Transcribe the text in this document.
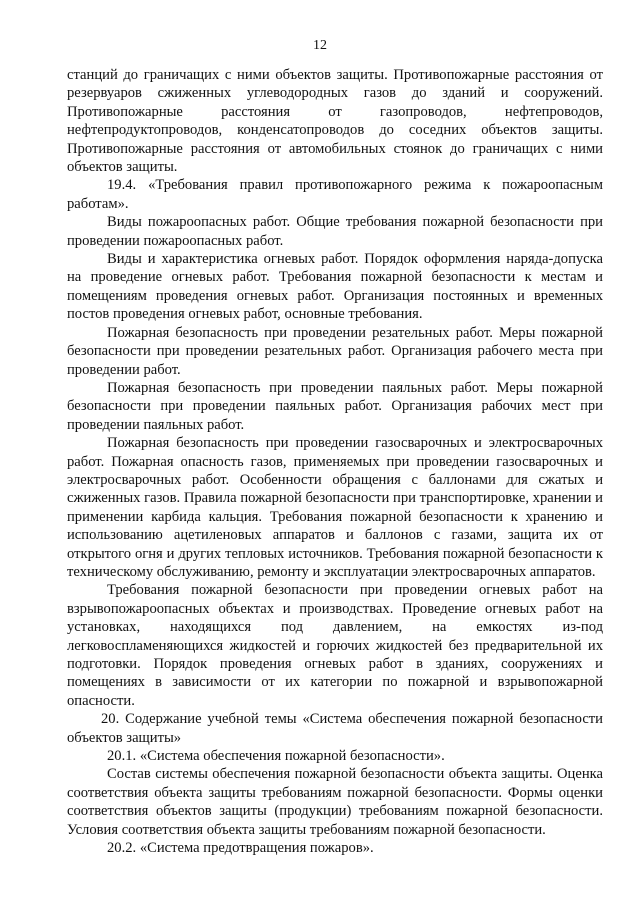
12

станций до граничащих с ними объектов защиты. Противопожарные расстояния от резервуаров сжиженных углеводородных газов до зданий и сооружений. Противопожарные расстояния от газопроводов, нефтепроводов, нефтепродуктопроводов, конденсатопроводов до соседних объектов защиты. Противопожарные расстояния от автомобильных стоянок до граничащих с ними объектов защиты.

19.4. «Требования правил противопожарного режима к пожароопасным работам».

Виды пожароопасных работ. Общие требования пожарной безопасности при проведении пожароопасных работ.

Виды и характеристика огневых работ. Порядок оформления наряда-допуска на проведение огневых работ. Требования пожарной безопасности к местам и помещениям проведения огневых работ. Организация постоянных и временных постов проведения огневых работ, основные требования.

Пожарная безопасность при проведении резательных работ. Меры пожарной безопасности при проведении резательных работ. Организация рабочего места при проведении работ.

Пожарная безопасность при проведении паяльных работ. Меры пожарной безопасности при проведении паяльных работ. Организация рабочих мест при проведении паяльных работ.

Пожарная безопасность при проведении газосварочных и электросварочных работ. Пожарная опасность газов, применяемых при проведении газосварочных и электросварочных работ. Особенности обращения с баллонами для сжатых и сжиженных газов. Правила пожарной безопасности при транспортировке, хранении и применении карбида кальция. Требования пожарной безопасности к хранению и использованию ацетиленовых аппаратов и баллонов с газами, защита их от открытого огня и других тепловых источников. Требования пожарной безопасности к техническому обслуживанию, ремонту и эксплуатации электросварочных аппаратов.

Требования пожарной безопасности при проведении огневых работ на взрывопожароопасных объектах и производствах. Проведение огневых работ на установках, находящихся под давлением, на емкостях из-под легковоспламеняющихся жидкостей и горючих жидкостей без предварительной их подготовки. Порядок проведения огневых работ в зданиях, сооружениях и помещениях в зависимости от их категории по пожарной и взрывопожарной опасности.

20. Содержание учебной темы «Система обеспечения пожарной безопасности объектов защиты»

20.1. «Система обеспечения пожарной безопасности».

Состав системы обеспечения пожарной безопасности объекта защиты. Оценка соответствия объекта защиты требованиям пожарной безопасности. Формы оценки соответствия объектов защиты (продукции) требованиям пожарной безопасности. Условия соответствия объекта защиты требованиям пожарной безопасности.

20.2. «Система предотвращения пожаров».
